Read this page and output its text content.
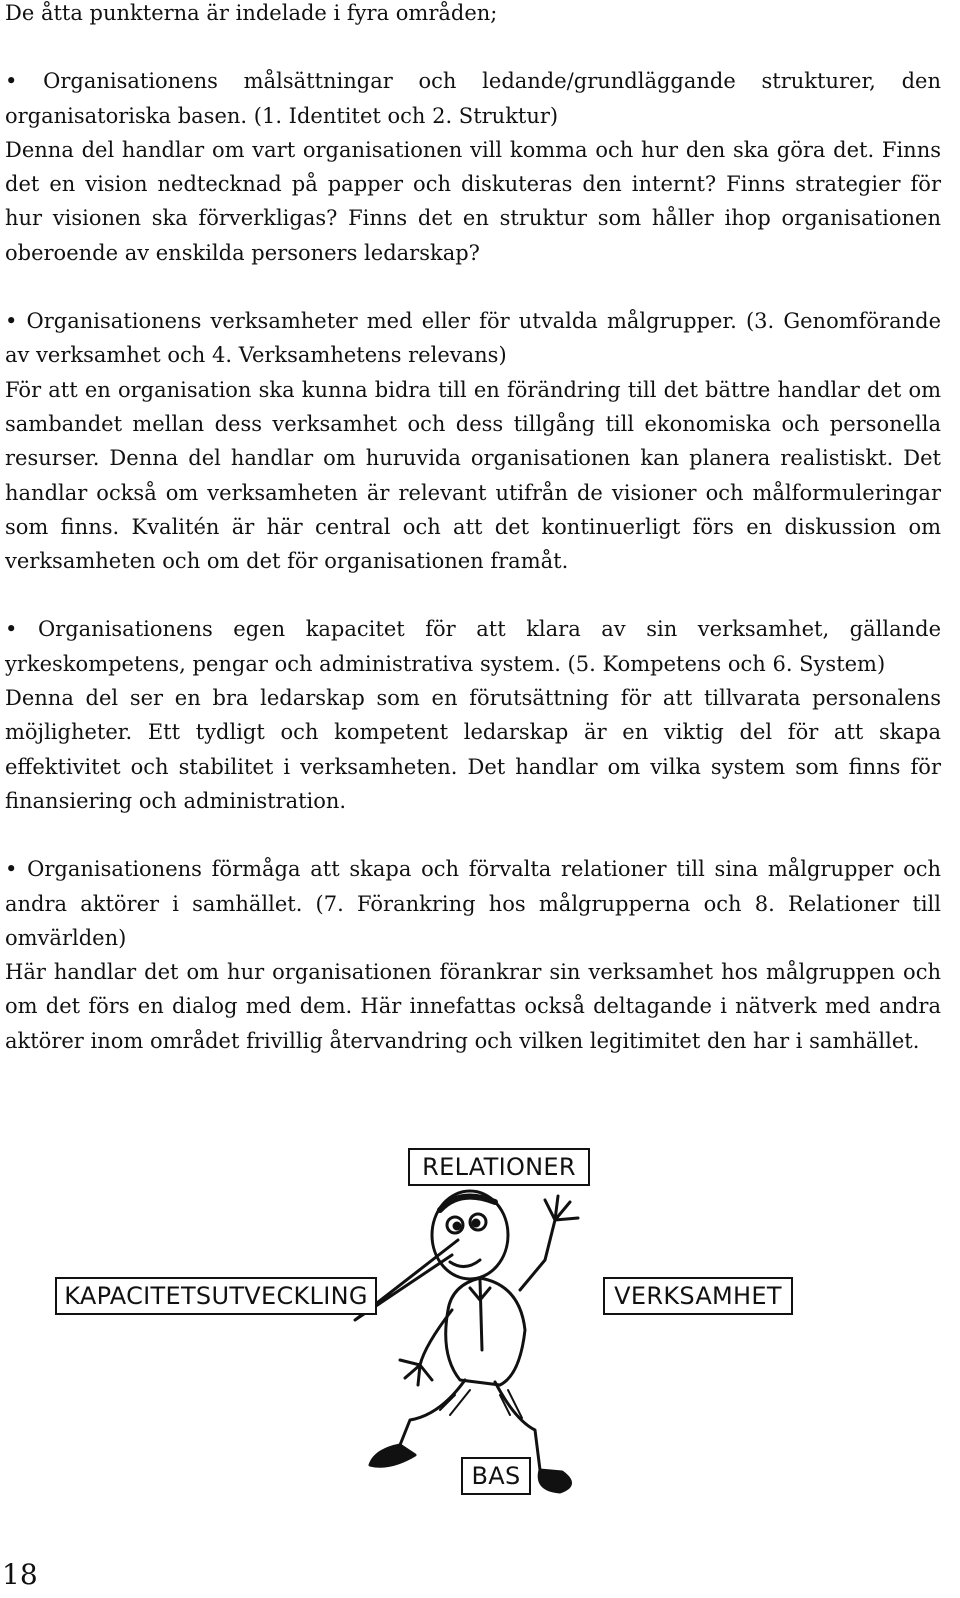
De åtta punkterna är indelade i fyra områden;

• Organisationens målsättningar och ledande/grundläggande strukturer, den organisatoriska basen. (1. Identitet och 2. Struktur)

Denna del handlar om vart organisationen vill komma och hur den ska göra det. Finns det en vision nedtecknad på papper och diskuteras den internt? Finns strategier för hur visionen ska förverkligas? Finns det en struktur som håller ihop organisationen oberoende av enskilda personers ledarskap?

• Organisationens verksamheter med eller för utvalda målgrupper. (3. Genomförande av verksamhet och 4. Verksamhetens relevans)

För att en organisation ska kunna bidra till en förändring till det bättre handlar det om sambandet mellan dess verksamhet och dess tillgång till ekonomiska och personella resurser. Denna del handlar om huruvida organisationen kan planera realistiskt. Det handlar också om verksamheten är relevant utifrån de visioner och målformuleringar som finns. Kvalitén är här central och att det kontinuerligt förs en diskussion om verksamheten och om det för organisationen framåt.

• Organisationens egen kapacitet för att klara av sin verksamhet, gällande yrkeskompetens, pengar och administrativa system. (5. Kompetens och 6. System)

Denna del ser en bra ledarskap som en förutsättning för att tillvarata personalens möjligheter. Ett tydligt och kompetent ledarskap är en viktig del för att skapa effektivitet och stabilitet i verksamheten. Det handlar om vilka system som finns för finansiering och administration.

• Organisationens förmåga att skapa och förvalta relationer till sina målgrupper och andra aktörer i samhället. (7. Förankring hos målgrupperna och 8. Relationer till omvärlden)

Här handlar det om hur organisationen förankrar sin verksamhet hos målgruppen och om det förs en dialog med dem. Här innefattas också deltagande i nätverk med andra aktörer inom området frivillig återvandring och vilken legitimitet den har i samhället.

RELATIONER
KAPACITETSUTVECKLING	VERKSAMHET
BAS
18
